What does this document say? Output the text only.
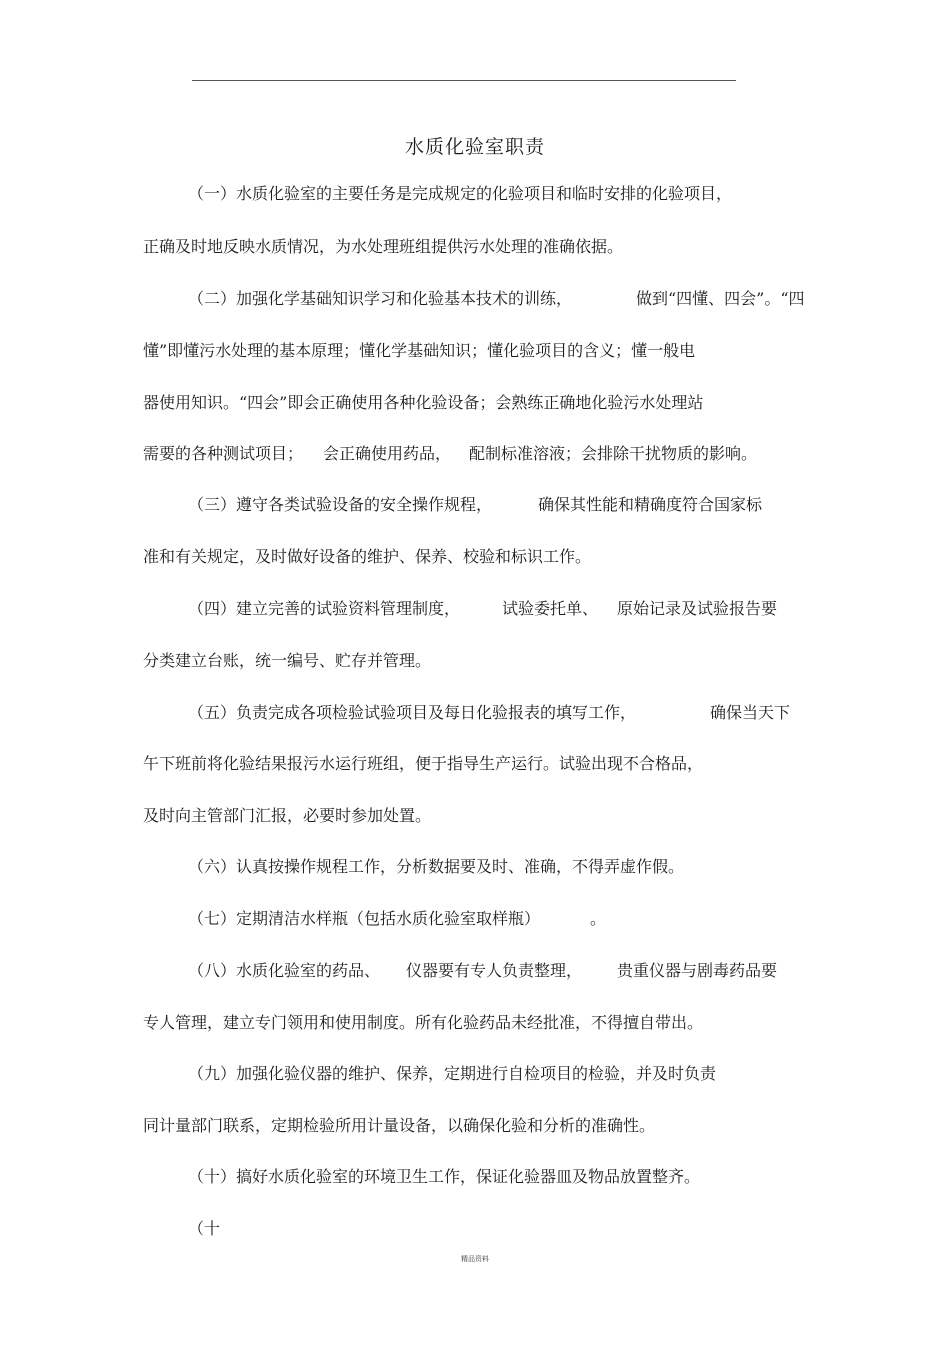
水质化验室职责
（一）水质化验室的主要任务是完成规定的化验项目和临时安排的化验项目，
正确及时地反映水质情况，为水处理班组提供污水处理的准确依据。
（二）加强化学基础知识学习和化验基本技术的训练，	做到“四懂、四会”。“四
懂”即懂污水处理的基本原理；懂化学基础知识；懂化验项目的含义；懂一般电
器使用知识。“四会”即会正确使用各种化验设备；会熟练正确地化验污水处理站
需要的各种测试项目； 会正确使用药品， 配制标准溶液；会排除干扰物质的影响。
（三）遵守各类试验设备的安全操作规程，	确保其性能和精确度符合国家标
准和有关规定，及时做好设备的维护、保养、校验和标识工作。
（四）建立完善的试验资料管理制度，	试验委托单、 原始记录及试验报告要
分类建立台账，统一编号、贮存并管理。
（五）负责完成各项检验试验项目及每日化验报表的填写工作，	确保当天下
午下班前将化验结果报污水运行班组，便于指导生产运行。试验出现不合格品，
及时向主管部门汇报，必要时参加处置。
（六）认真按操作规程工作，分析数据要及时、准确，不得弄虚作假。
（七）定期清洁水样瓶（包括水质化验室取样瓶）	。
（八）水质化验室的药品、 仪器要有专人负责整理， 贵重仪器与剧毒药品要
专人管理，建立专门领用和使用制度。所有化验药品未经批准，不得擅自带出。
（九）加强化验仪器的维护、保养，定期进行自检项目的检验，并及时负责
同计量部门联系，定期检验所用计量设备，以确保化验和分析的准确性。
（十）搞好水质化验室的环境卫生工作，保证化验器皿及物品放置整齐。
（十
精品资料
